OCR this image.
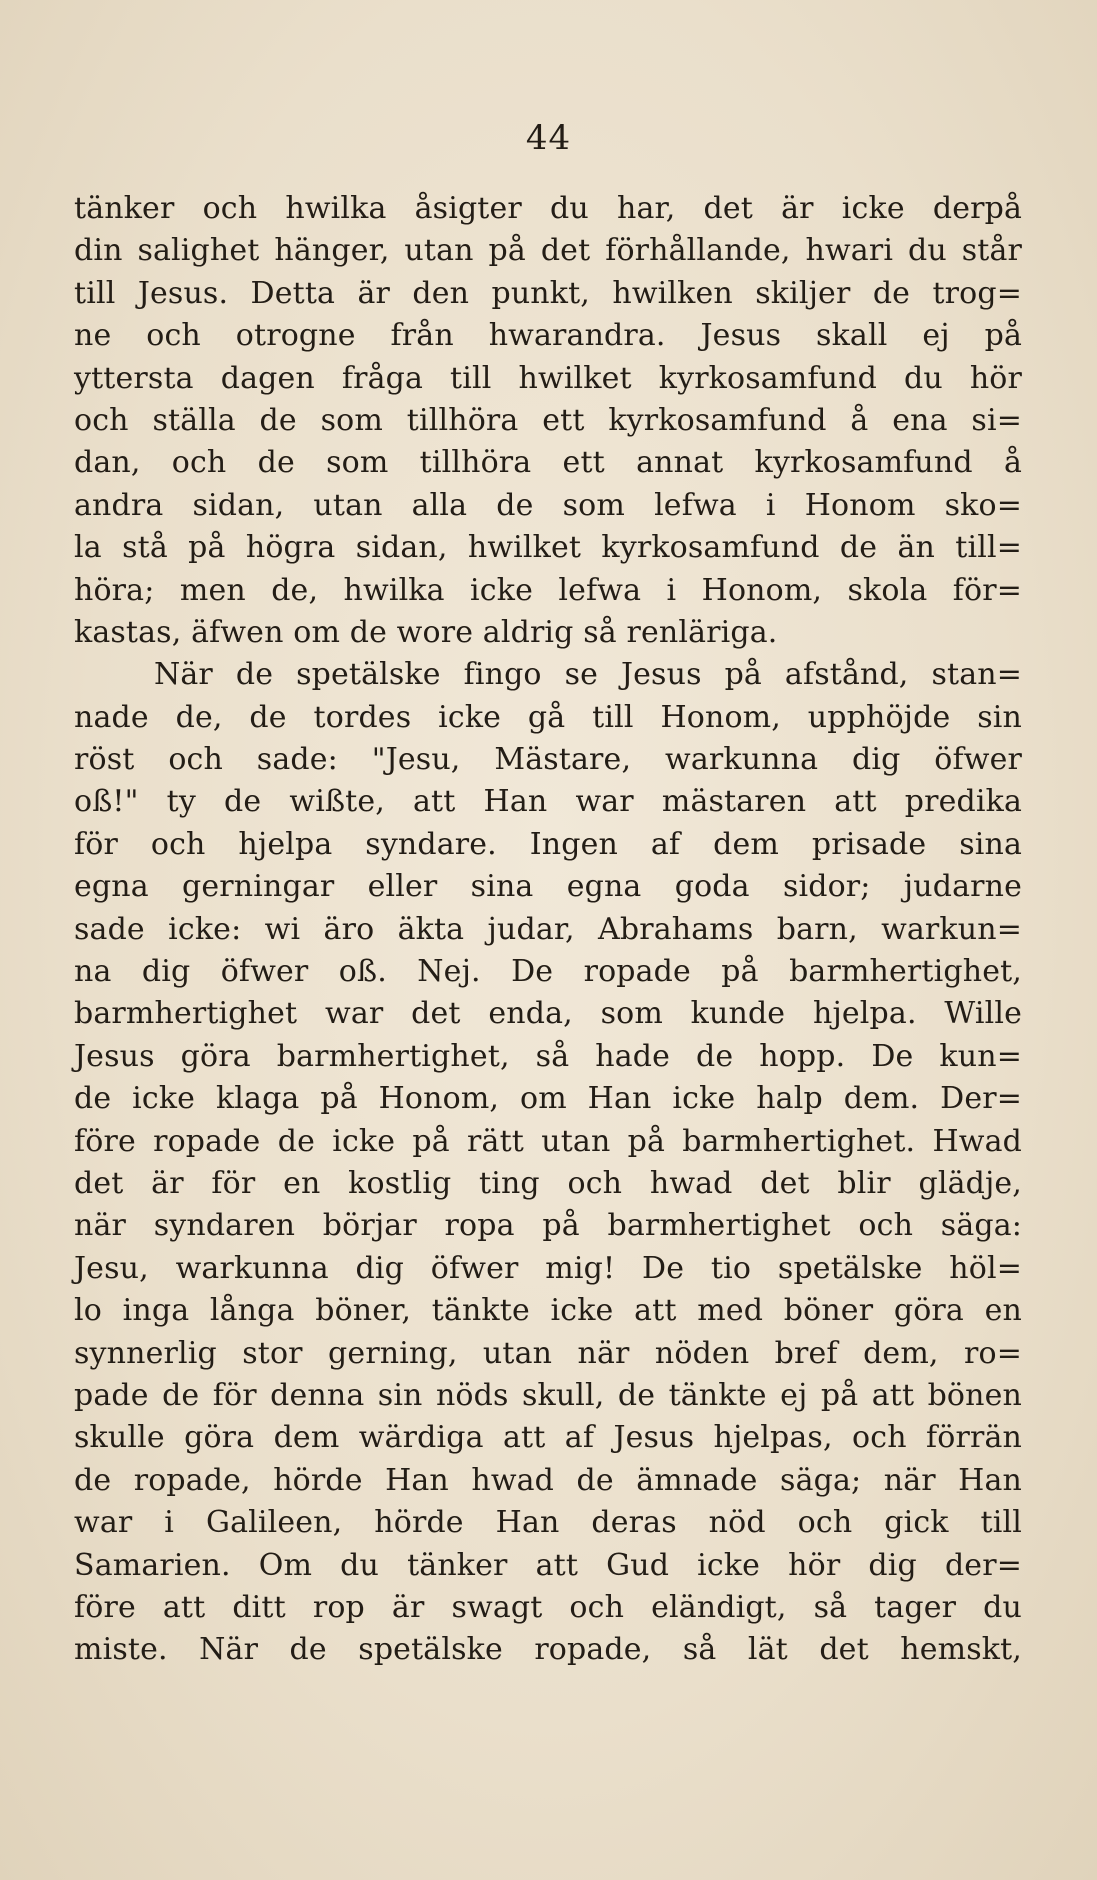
44
tänker och hwilka åsigter du har, det är icke derpå
din salighet hänger, utan på det förhållande, hwari du står
till Jesus. Detta är den punkt, hwilken skiljer de trog=
ne och otrogne från hwarandra. Jesus skall ej på
yttersta dagen fråga till hwilket kyrkosamfund du hör
och ställa de som tillhöra ett kyrkosamfund å ena si=
dan, och de som tillhöra ett annat kyrkosamfund å
andra sidan, utan alla de som lefwa i Honom sko=
la stå på högra sidan, hwilket kyrkosamfund de än till=
höra; men de, hwilka icke lefwa i Honom, skola för=
kastas, äfwen om de wore aldrig så renläriga.
När de spetälske fingo se Jesus på afstånd, stan=
nade de, de tordes icke gå till Honom, upphöjde sin
röst och sade: "Jesu, Mästare, warkunna dig öfwer
oß!" ty de wißte, att Han war mästaren att predika
för och hjelpa syndare. Ingen af dem prisade sina
egna gerningar eller sina egna goda sidor; judarne
sade icke: wi äro äkta judar, Abrahams barn, warkun=
na dig öfwer oß. Nej. De ropade på barmhertighet,
barmhertighet war det enda, som kunde hjelpa. Wille
Jesus göra barmhertighet, så hade de hopp. De kun=
de icke klaga på Honom, om Han icke halp dem. Der=
före ropade de icke på rätt utan på barmhertighet. Hwad
det är för en kostlig ting och hwad det blir glädje,
när syndaren börjar ropa på barmhertighet och säga:
Jesu, warkunna dig öfwer mig! De tio spetälske höl=
lo inga långa böner, tänkte icke att med böner göra en
synnerlig stor gerning, utan när nöden bref dem, ro=
pade de för denna sin nöds skull, de tänkte ej på att bönen
skulle göra dem wärdiga att af Jesus hjelpas, och förrän
de ropade, hörde Han hwad de ämnade säga; när Han
war i Galileen, hörde Han deras nöd och gick till
Samarien. Om du tänker att Gud icke hör dig der=
före att ditt rop är swagt och eländigt, så tager du
miste. När de spetälske ropade, så lät det hemskt,
